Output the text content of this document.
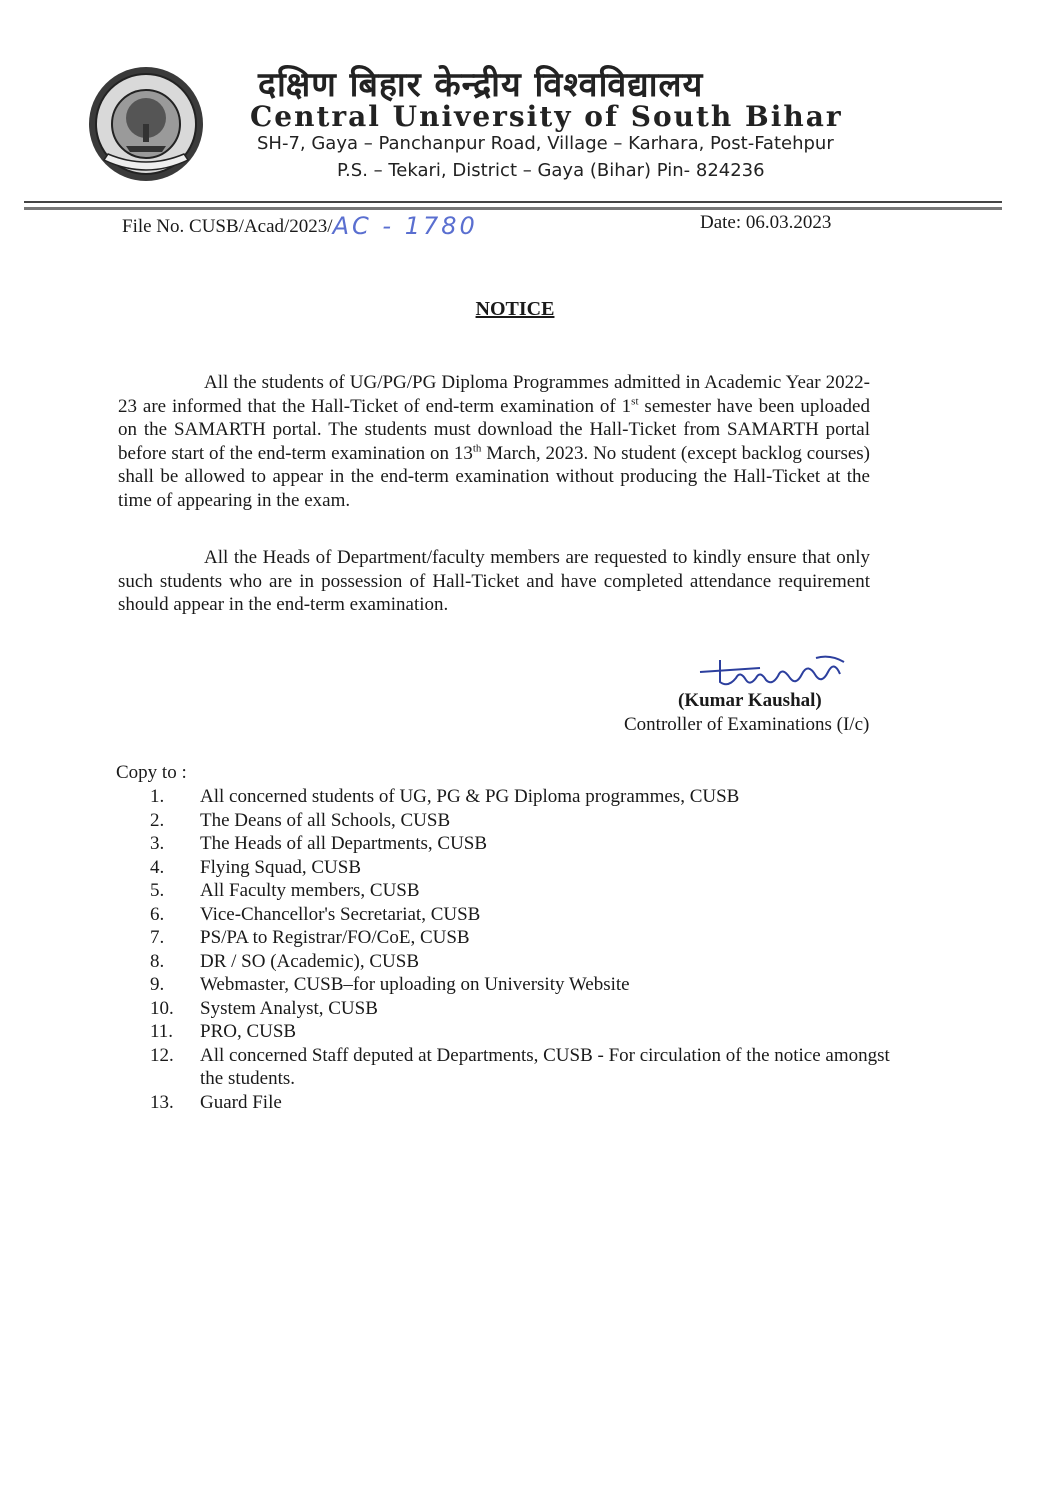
दक्षिण बिहार केन्द्रीय विश्वविद्यालय
Central University of South Bihar
SH-7, Gaya – Panchanpur Road, Village – Karhara, Post-Fatehpur
P.S. – Tekari, District – Gaya (Bihar) Pin- 824236
File No. CUSB/Acad/2023/AC - 1780	Date: 06.03.2023
NOTICE
All the students of UG/PG/PG Diploma Programmes admitted in Academic Year 2022-23 are informed that the Hall-Ticket of end-term examination of 1st semester have been uploaded on the SAMARTH portal. The students must download the Hall-Ticket from SAMARTH portal before start of the end-term examination on 13th March, 2023. No student (except backlog courses) shall be allowed to appear in the end-term examination without producing the Hall-Ticket at the time of appearing in the exam.
All the Heads of Department/faculty members are requested to kindly ensure that only such students who are in possession of Hall-Ticket and have completed attendance requirement should appear in the end-term examination.
(Kumar Kaushal)
Controller of Examinations (I/c)
Copy to :
1.	All concerned students of UG, PG & PG Diploma programmes, CUSB
2.	The Deans of all Schools, CUSB
3.	The Heads of all Departments, CUSB
4.	Flying Squad, CUSB
5.	All Faculty members, CUSB
6.	Vice-Chancellor's Secretariat, CUSB
7.	PS/PA to Registrar/FO/CoE, CUSB
8.	DR / SO (Academic), CUSB
9.	Webmaster, CUSB–for uploading on University Website
10.	System Analyst, CUSB
11.	PRO, CUSB
12.	All concerned Staff deputed at Departments, CUSB - For circulation of the notice amongst the students.
13.	Guard File
